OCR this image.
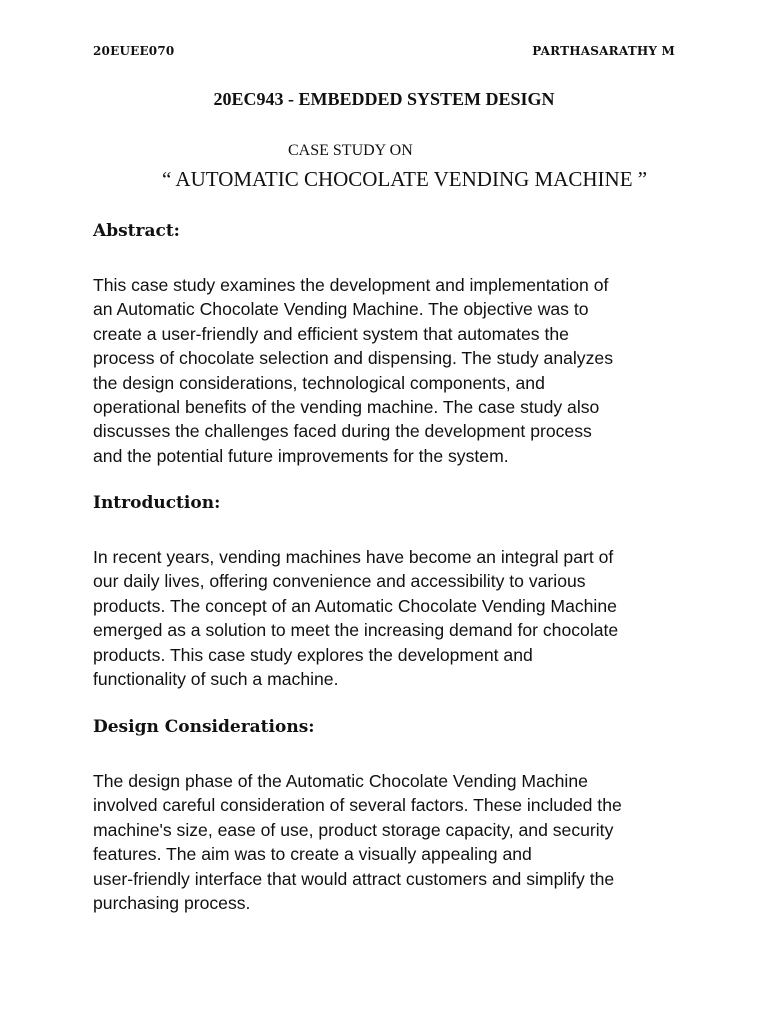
20EUEE070	PARTHASARATHY M
20EC943 - EMBEDDED SYSTEM DESIGN
CASE STUDY ON
“ AUTOMATIC CHOCOLATE VENDING MACHINE ”
Abstract:
This case study examines the development and implementation of
an Automatic Chocolate Vending Machine. The objective was to
create a user-friendly and efficient system that automates the
process of chocolate selection and dispensing. The study analyzes
the design considerations, technological components, and
operational benefits of the vending machine. The case study also
discusses the challenges faced during the development process
and the potential future improvements for the system.
Introduction:
In recent years, vending machines have become an integral part of
our daily lives, offering convenience and accessibility to various
products. The concept of an Automatic Chocolate Vending Machine
emerged as a solution to meet the increasing demand for chocolate
products. This case study explores the development and
functionality of such a machine.
Design Considerations:
The design phase of the Automatic Chocolate Vending Machine
involved careful consideration of several factors. These included the
machine's size, ease of use, product storage capacity, and security
features. The aim was to create a visually appealing and
user-friendly interface that would attract customers and simplify the
purchasing process.
